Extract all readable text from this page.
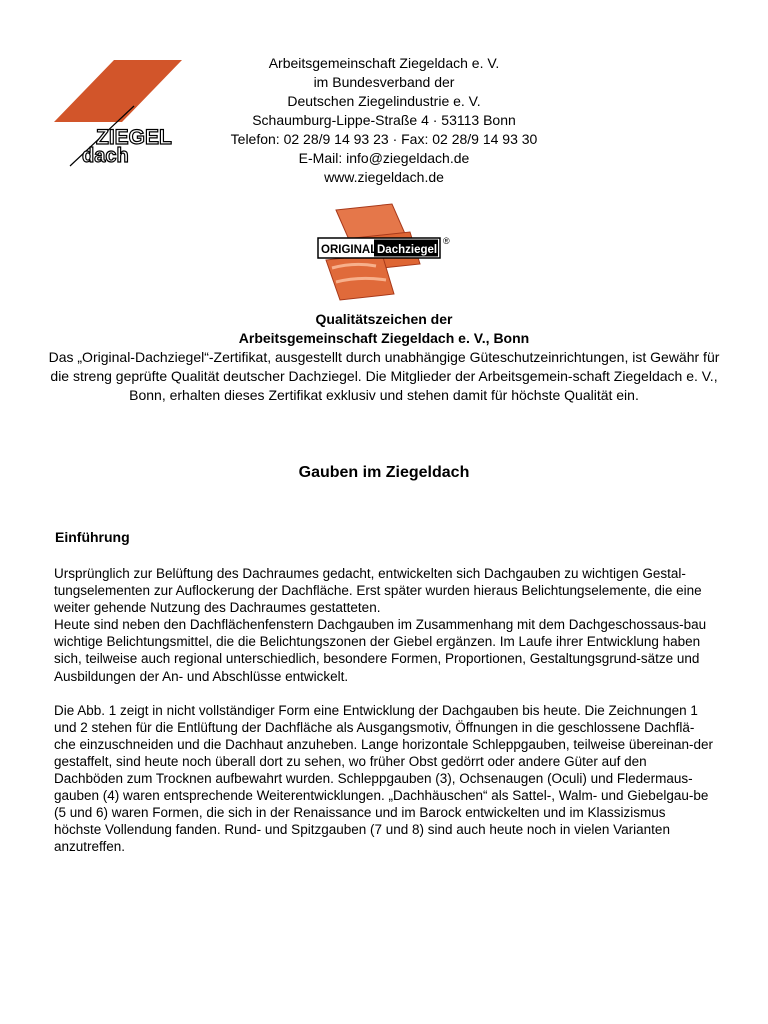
ZIEGEL
dach
Arbeitsgemeinschaft Ziegeldach e. V.
im Bundesverband der
Deutschen Ziegelindustrie e. V.
Schaumburg-Lippe-Straße 4 · 53113 Bonn
Telefon: 02 28/9 14 93 23 · Fax: 02 28/9 14 93 30
E-Mail: info@ziegeldach.de
www.ziegeldach.de
ORIGINAL Dachziegel
®
Qualitätszeichen der
Arbeitsgemeinschaft Ziegeldach e. V., Bonn

Das „Original-Dachziegel“-Zertifikat, ausgestellt durch unabhängige Güteschutzeinrichtungen, ist Gewähr für die streng geprüfte Qualität deutscher Dachziegel. Die Mitglieder der Arbeitsgemein-schaft Ziegeldach e. V., Bonn, erhalten dieses Zertifikat exklusiv und stehen damit für höchste Qualität ein.

Gauben im Ziegeldach
Einführung

Ursprünglich zur Belüftung des Dachraumes gedacht, entwickelten sich Dachgauben zu wichtigen Gestal-tungselementen zur Auflockerung der Dachfläche. Erst später wurden hieraus Belichtungselemente, die eine weiter gehende Nutzung des Dachraumes gestatteten.

Heute sind neben den Dachflächenfenstern Dachgauben im Zusammenhang mit dem Dachgeschossaus-bau wichtige Belichtungsmittel, die die Belichtungszonen der Giebel ergänzen. Im Laufe ihrer Entwicklung haben sich, teilweise auch regional unterschiedlich, besondere Formen, Proportionen, Gestaltungsgrund-sätze und Ausbildungen der An- und Abschlüsse entwickelt.

Die Abb. 1 zeigt in nicht vollständiger Form eine Entwicklung der Dachgauben bis heute. Die Zeichnungen 1 und 2 stehen für die Entlüftung der Dachfläche als Ausgangsmotiv, Öffnungen in die geschlossene Dachflä-che einzuschneiden und die Dachhaut anzuheben. Lange horizontale Schleppgauben, teilweise übereinan-der gestaffelt, sind heute noch überall dort zu sehen, wo früher Obst gedörrt oder andere Güter auf den Dachböden zum Trocknen aufbewahrt wurden. Schleppgauben (3), Ochsenaugen (Oculi) und Fledermaus-gauben (4) waren entsprechende Weiterentwicklungen. „Dachhäuschen“ als Sattel-, Walm- und Giebelgau-be (5 und 6) waren Formen, die sich in der Renaissance und im Barock entwickelten und im Klassizismus höchste Vollendung fanden. Rund- und Spitzgauben (7 und 8) sind auch heute noch in vielen Varianten anzutreffen.
